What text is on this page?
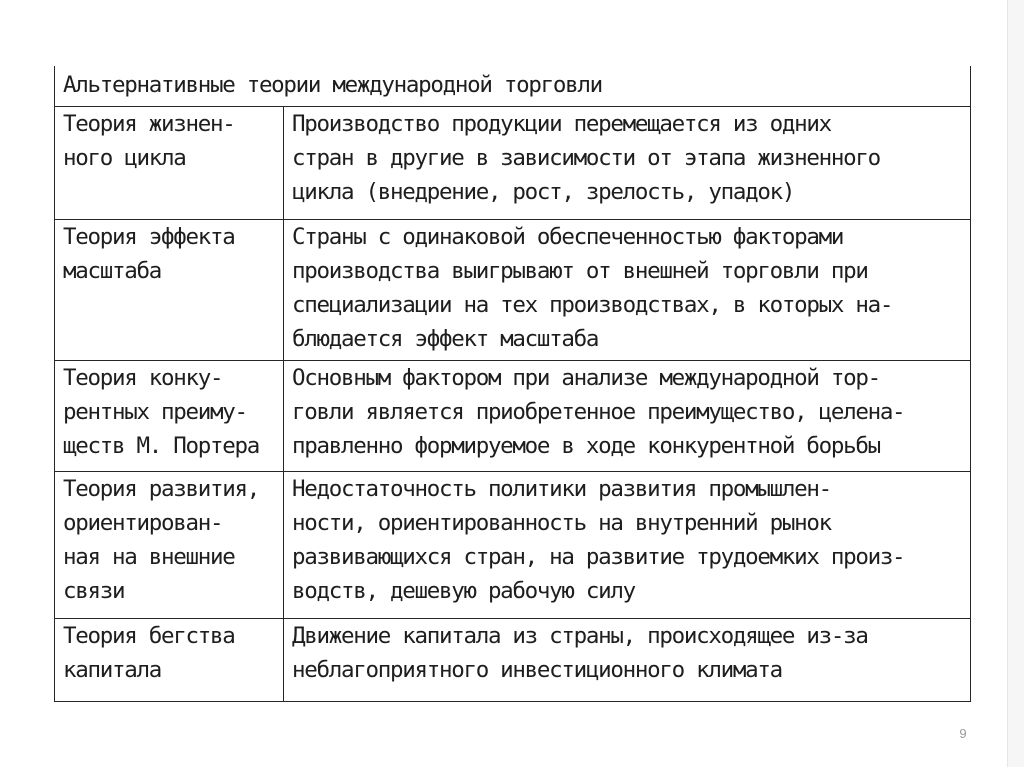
Альтернативные теории международной торговли	

Теория жизнен-
ного цикла	Производство продукции перемещается из одних
стран в другие в зависимости от этапа жизненного
цикла (внедрение, рост, зрелость, упадок)

Теория эффекта
масштаба	Страны с одинаковой обеспеченностью факторами
производства выигрывают от внешней торговли при
специализации на тех производствах, в которых на-
блюдается эффект масштаба

Теория конку-
рентных преиму-
ществ М. Портера	Основным фактором при анализе международной тор-
говли является приобретенное преимущество, целена-
правленно формируемое в ходе конкурентной борьбы

Теория развития,
ориентирован-
ная на внешние
связи	Недостаточность политики развития промышлен-
ности, ориентированность на внутренний рынок
развивающихся стран, на развитие трудоемких произ-
водств, дешевую рабочую силу

Теория бегства
капитала	Движение капитала из страны, происходящее из-за
неблагоприятного инвестиционного климата
9
